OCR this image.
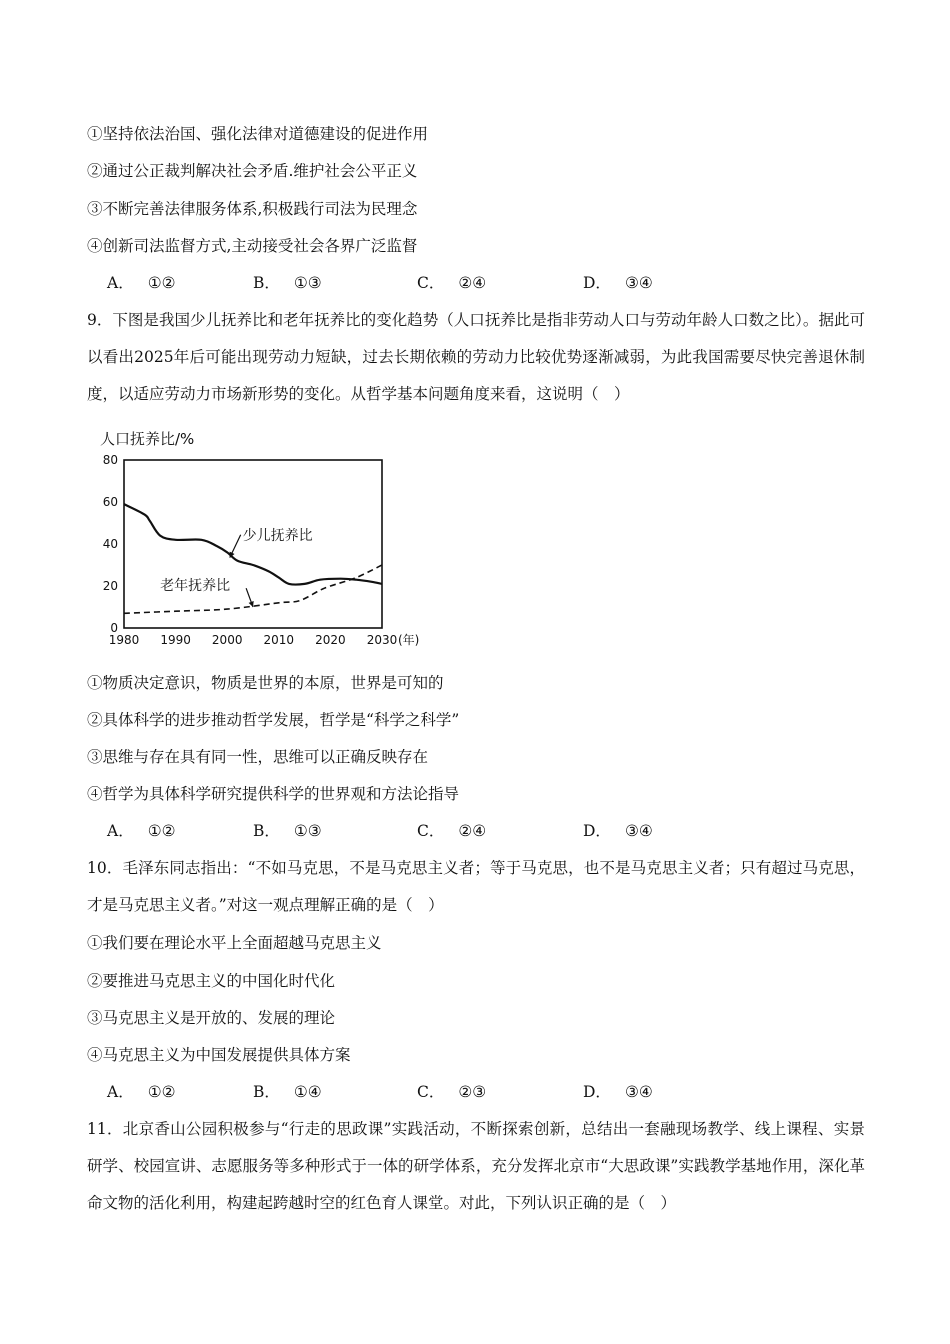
①坚持依法治国、强化法律对道德建设的促进作用
②通过公正裁判解决社会矛盾.维护社会公平正义
③不断完善法律服务体系,积极践行司法为民理念
④创新司法监督方式,主动接受社会各界广泛监督
A． ①②	B． ①③	C． ②④	D． ③④
9．下图是我国少儿抚养比和老年抚养比的变化趋势（人口抚养比是指非劳动人口与劳动年龄人口数之比）。据此可以看出2025年后可能出现劳动力短缺，过去长期依赖的劳动力比较优势逐渐减弱，为此我国需要尽快完善退休制度，以适应劳动力市场新形势的变化。从哲学基本问题角度来看，这说明（　）
人口抚养比/%
0
20
40
60
80
1980 1990 2000 2010 2020 2030
少儿抚养比
老年抚养比
(年)
①物质决定意识，物质是世界的本原，世界是可知的
②具体科学的进步推动哲学发展，哲学是“科学之科学”
③思维与存在具有同一性，思维可以正确反映存在
④哲学为具体科学研究提供科学的世界观和方法论指导
A． ①②	B． ①③	C． ②④	D． ③④
10．毛泽东同志指出：“不如马克思，不是马克思主义者；等于马克思，也不是马克思主义者；只有超过马克思，才是马克思主义者。”对这一观点理解正确的是（　）
①我们要在理论水平上全面超越马克思主义
②要推进马克思主义的中国化时代化
③马克思主义是开放的、发展的理论
④马克思主义为中国发展提供具体方案
A． ①②	B． ①④	C． ②③	D． ③④
11．北京香山公园积极参与“行走的思政课”实践活动，不断探索创新，总结出一套融现场教学、线上课程、实景研学、校园宣讲、志愿服务等多种形式于一体的研学体系，充分发挥北京市“大思政课”实践教学基地作用，深化革命文物的活化利用，构建起跨越时空的红色育人课堂。对此，下列认识正确的是（　）
